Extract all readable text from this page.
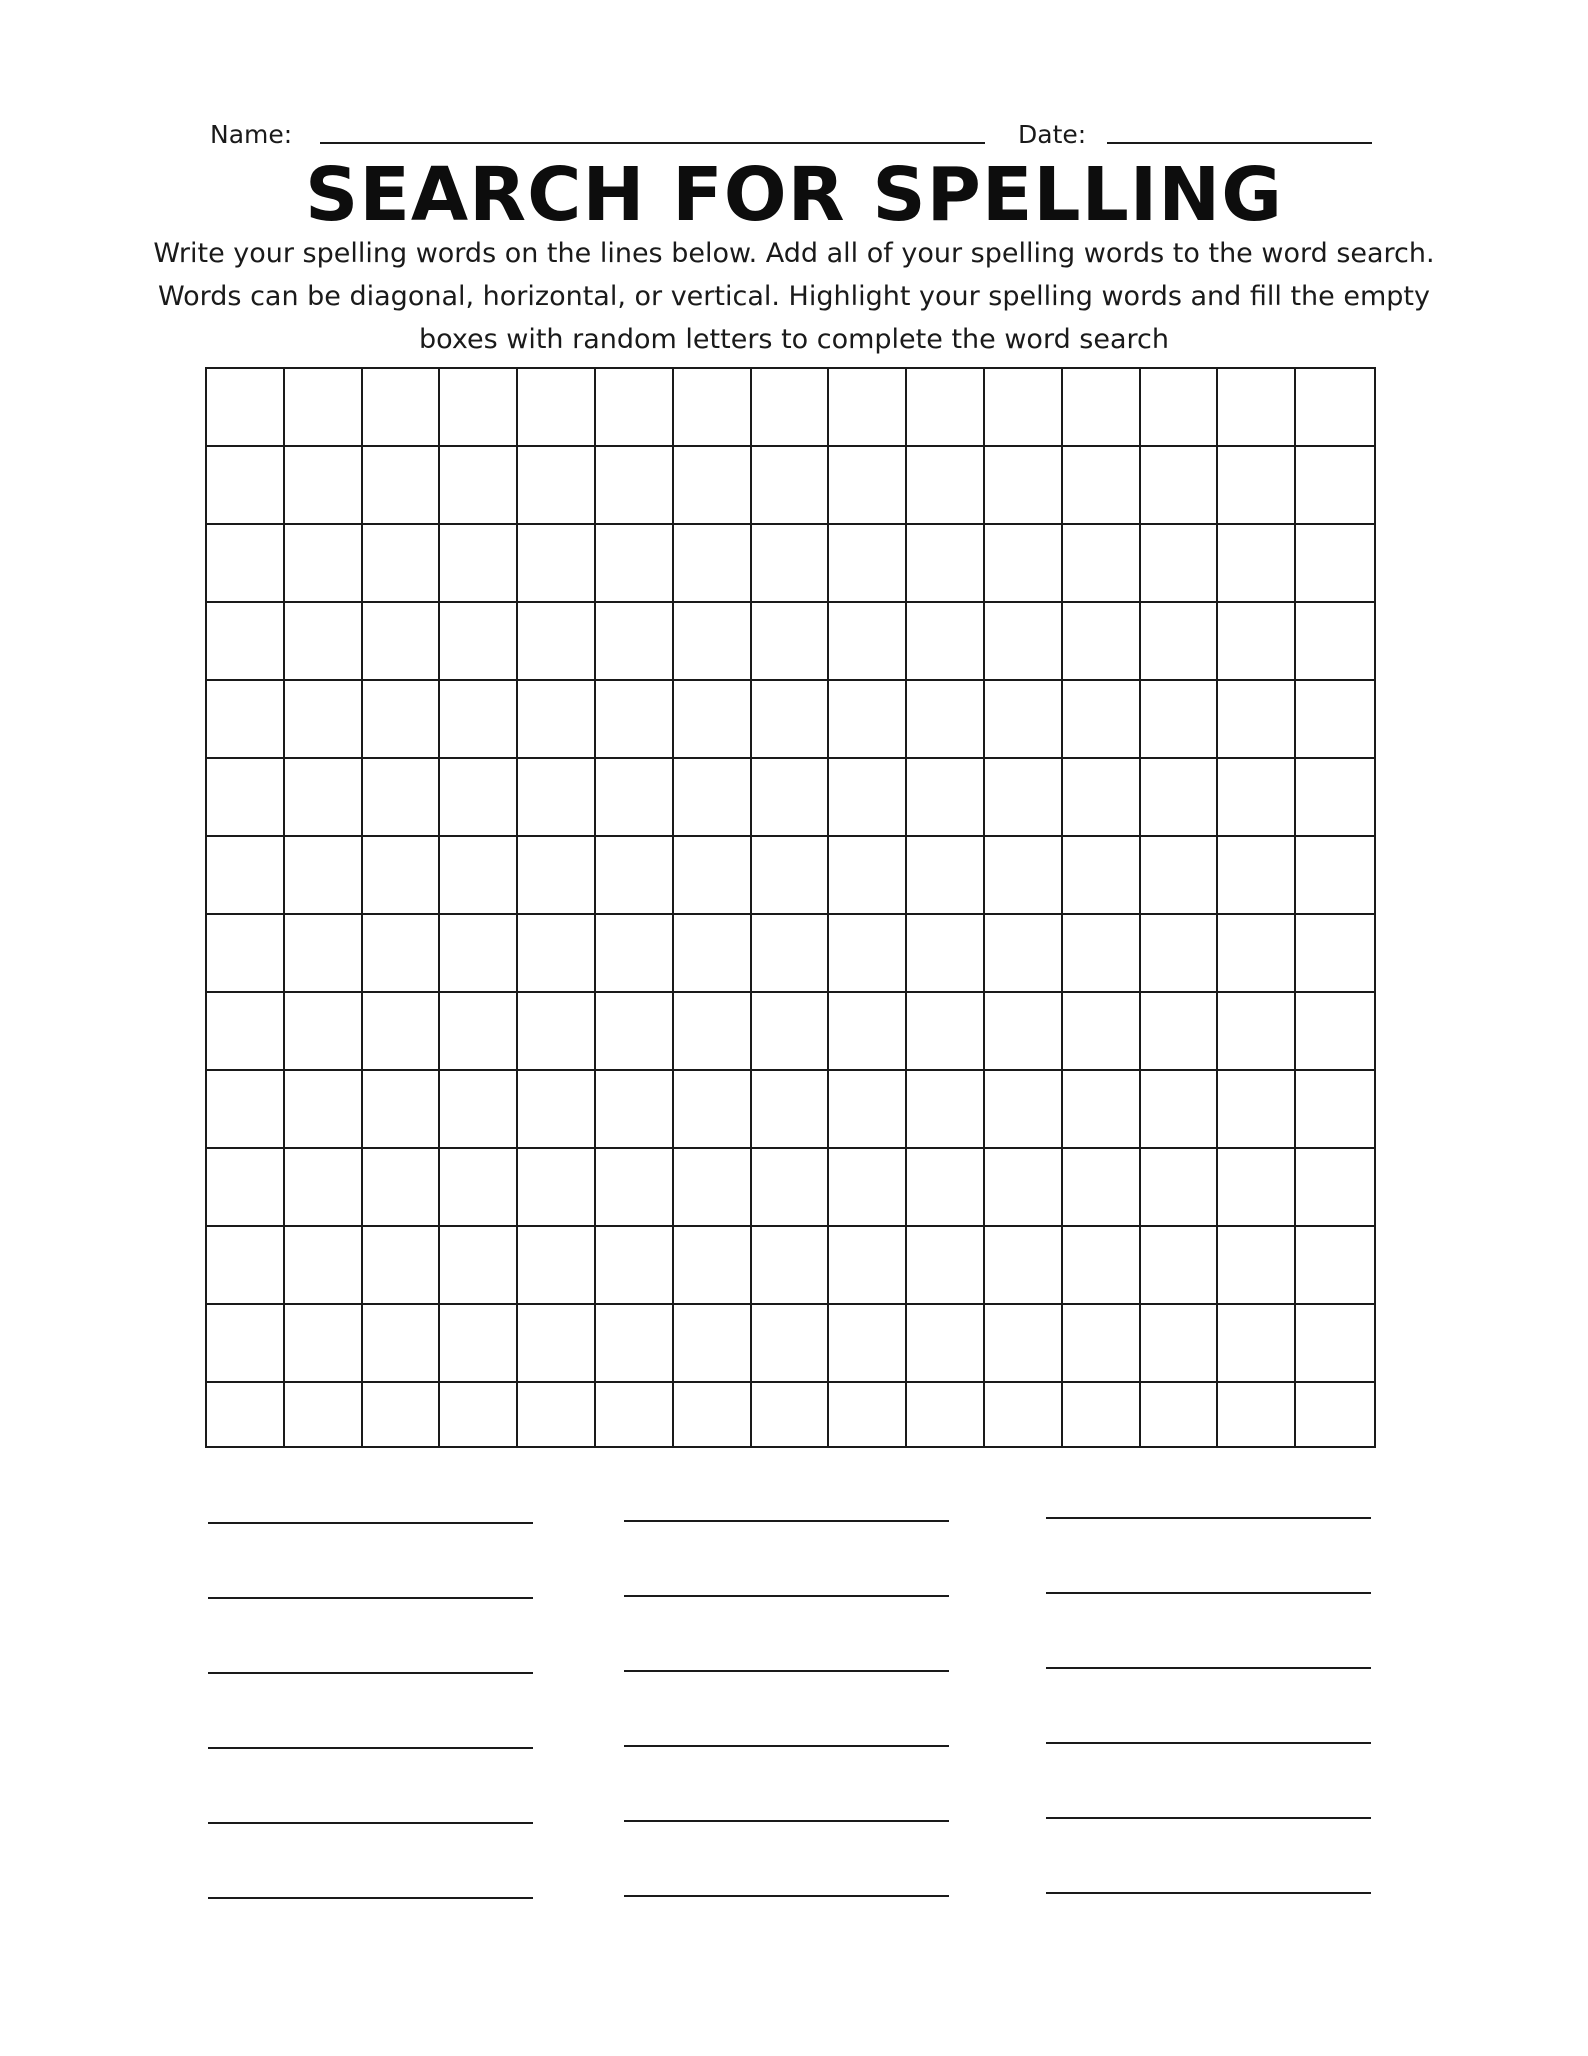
Name:	Date:
SEARCH FOR SPELLING
Write your spelling words on the lines below. Add all of your spelling words to the word search.
Words can be diagonal, horizontal, or vertical. Highlight your spelling words and fill the empty
boxes with random letters to complete the word search
